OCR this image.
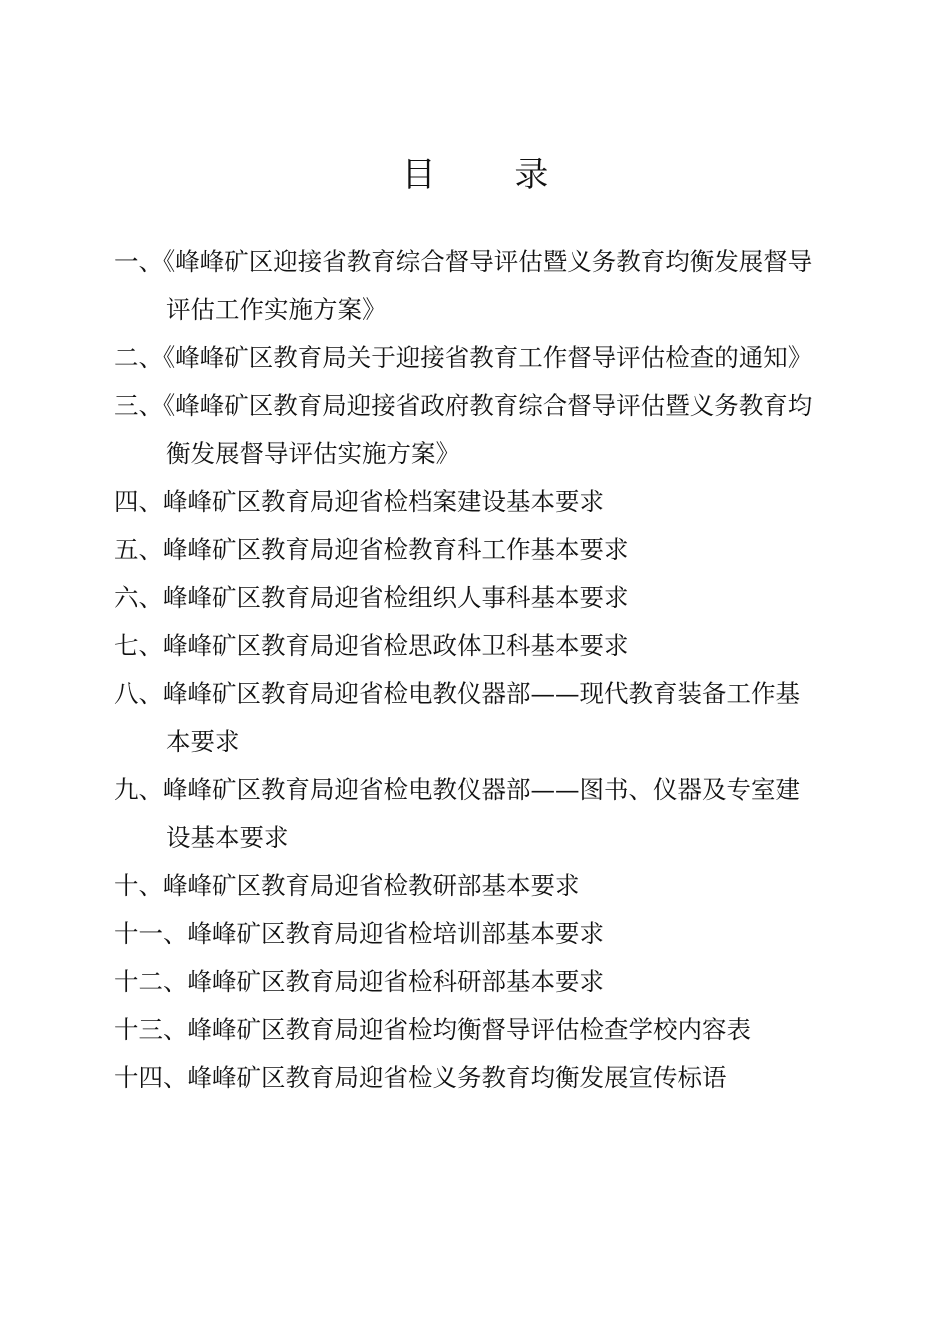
目 录
一、《峰峰矿区迎接省教育综合督导评估暨义务教育均衡发展督导
评估工作实施方案》
二、《峰峰矿区教育局关于迎接省教育工作督导评估检查的通知》
三、《峰峰矿区教育局迎接省政府教育综合督导评估暨义务教育均
衡发展督导评估实施方案》
四、峰峰矿区教育局迎省检档案建设基本要求
五、峰峰矿区教育局迎省检教育科工作基本要求
六、峰峰矿区教育局迎省检组织人事科基本要求
七、峰峰矿区教育局迎省检思政体卫科基本要求
八、峰峰矿区教育局迎省检电教仪器部——现代教育装备工作基
本要求
九、峰峰矿区教育局迎省检电教仪器部——图书、仪器及专室建
设基本要求
十、峰峰矿区教育局迎省检教研部基本要求
十一、峰峰矿区教育局迎省检培训部基本要求
十二、峰峰矿区教育局迎省检科研部基本要求
十三、峰峰矿区教育局迎省检均衡督导评估检查学校内容表
十四、峰峰矿区教育局迎省检义务教育均衡发展宣传标语
